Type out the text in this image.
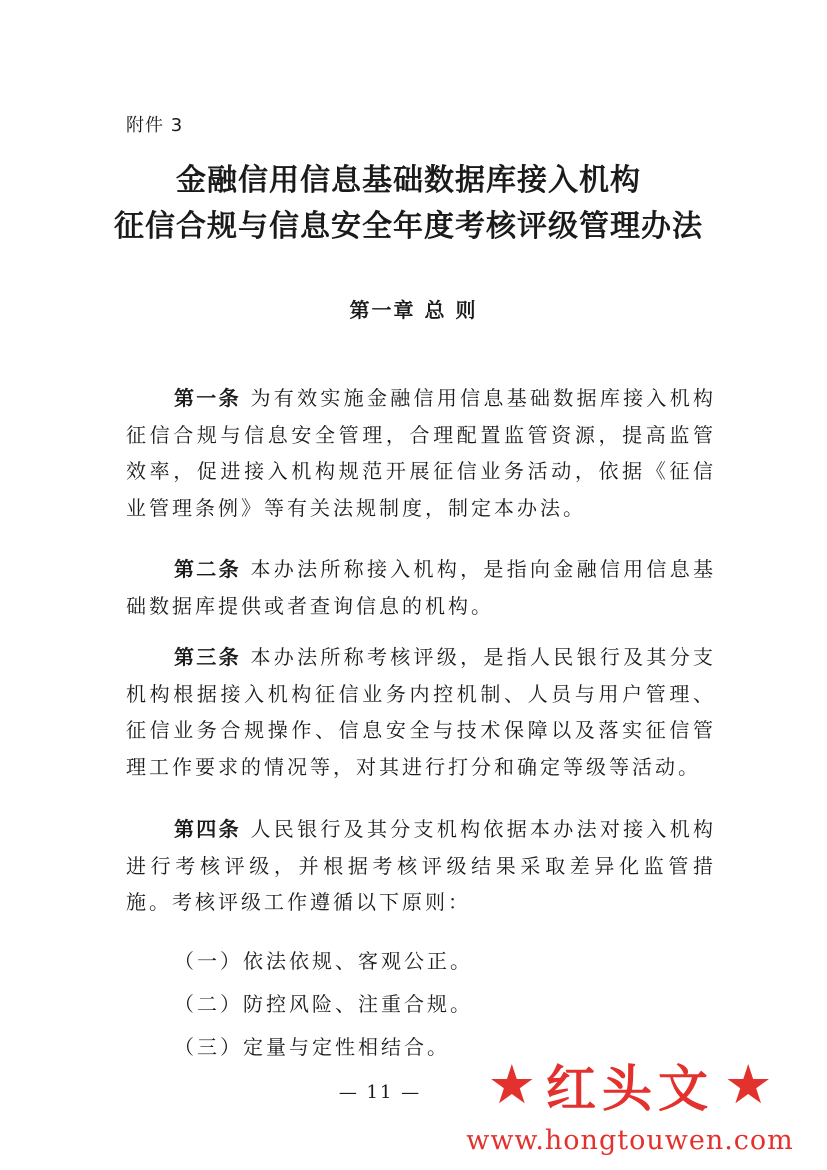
附件 3
金融信用信息基础数据库接入机构
征信合规与信息安全年度考核评级管理办法
第一章 总 则

第一条 为有效实施金融信用信息基础数据库接入机构征信合规与信息安全管理，合理配置监管资源，提高监管效率，促进接入机构规范开展征信业务活动，依据《征信业管理条例》等有关法规制度，制定本办法。

第二条 本办法所称接入机构，是指向金融信用信息基础数据库提供或者查询信息的机构。

第三条 本办法所称考核评级，是指人民银行及其分支机构根据接入机构征信业务内控机制、人员与用户管理、征信业务合规操作、信息安全与技术保障以及落实征信管理工作要求的情况等，对其进行打分和确定等级等活动。

第四条 人民银行及其分支机构依据本办法对接入机构进行考核评级，并根据考核评级结果采取差异化监管措施。考核评级工作遵循以下原则：

（一）依法依规、客观公正。
（二）防控风险、注重合规。
（三）定量与定性相结合。
— 11 —	★ 红头文 ★
www.hongtouwen.com
